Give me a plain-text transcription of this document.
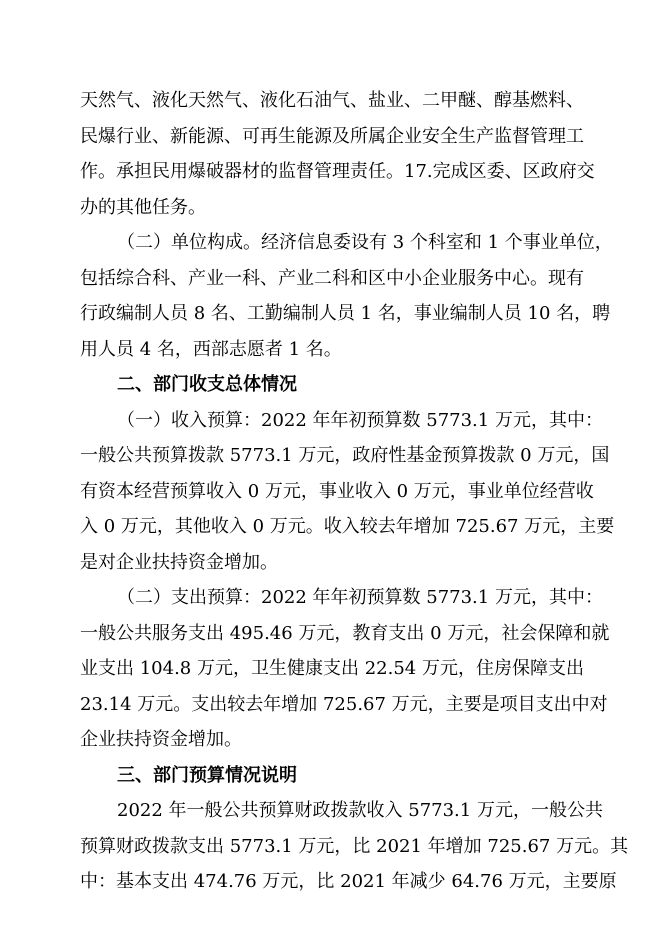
天然气、液化天然气、液化石油气、盐业、二甲醚、醇基燃料、
民爆行业、新能源、可再生能源及所属企业安全生产监督管理工
作。承担民用爆破器材的监督管理责任。17.完成区委、区政府交
办的其他任务。
（二）单位构成。经济信息委设有 3 个科室和 1 个事业单位，
包括综合科、产业一科、产业二科和区中小企业服务中心。现有
行政编制人员 8 名、工勤编制人员 1 名，事业编制人员 10 名，聘
用人员 4 名，西部志愿者 1 名。
二、部门收支总体情况
（一）收入预算：2022 年年初预算数 5773.1 万元，其中：
一般公共预算拨款 5773.1 万元，政府性基金预算拨款 0 万元，国
有资本经营预算收入 0 万元，事业收入 0 万元，事业单位经营收
入 0 万元，其他收入 0 万元。收入较去年增加 725.67 万元，主要
是对企业扶持资金增加。
（二）支出预算：2022 年年初预算数 5773.1 万元，其中：
一般公共服务支出 495.46 万元，教育支出 0 万元，社会保障和就
业支出 104.8 万元，卫生健康支出 22.54 万元，住房保障支出
23.14 万元。支出较去年增加 725.67 万元，主要是项目支出中对
企业扶持资金增加。
三、部门预算情况说明
2022 年一般公共预算财政拨款收入 5773.1 万元，一般公共
预算财政拨款支出 5773.1 万元，比 2021 年增加 725.67 万元。其
中：基本支出 474.76 万元，比 2021 年减少 64.76 万元，主要原
